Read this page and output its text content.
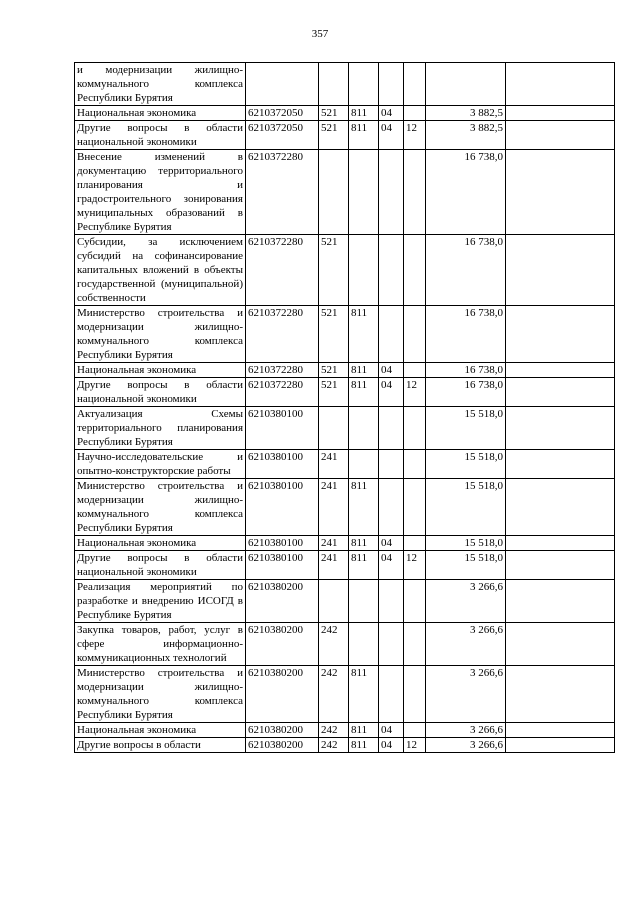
357
и модернизации жилищно-коммунального комплекса Республики Бурятия							
Национальная экономика	6210372050	521	811	04		3 882,5	
Другие вопросы в области национальной экономики	6210372050	521	811	04	12	3 882,5	
Внесение изменений в документацию территориального планирования и градостроительного зонирования муниципальных образований в Республике Бурятия	6210372280					16 738,0	
Субсидии, за исключением субсидий на софинансирование капитальных вложений в объекты государственной (муниципальной) собственности	6210372280	521				16 738,0	
Министерство строительства и модернизации жилищно-коммунального комплекса Республики Бурятия	6210372280	521	811			16 738,0	
Национальная экономика	6210372280	521	811	04		16 738,0	
Другие вопросы в области национальной экономики	6210372280	521	811	04	12	16 738,0	
Актуализация Схемы территориального планирования Республики Бурятия	6210380100					15 518,0	
Научно-исследовательские и опытно-конструкторские работы	6210380100	241				15 518,0	
Министерство строительства и модернизации жилищно-коммунального комплекса Республики Бурятия	6210380100	241	811			15 518,0	
Национальная экономика	6210380100	241	811	04		15 518,0	
Другие вопросы в области национальной экономики	6210380100	241	811	04	12	15 518,0	
Реализация мероприятий по разработке и внедрению ИСОГД в Республике Бурятия	6210380200					3 266,6	
Закупка товаров, работ, услуг в сфере информационно-коммуникационных технологий	6210380200	242				3 266,6	
Министерство строительства и модернизации жилищно-коммунального комплекса Республики Бурятия	6210380200	242	811			3 266,6	
Национальная экономика	6210380200	242	811	04		3 266,6	
Другие вопросы в области	6210380200	242	811	04	12	3 266,6	
